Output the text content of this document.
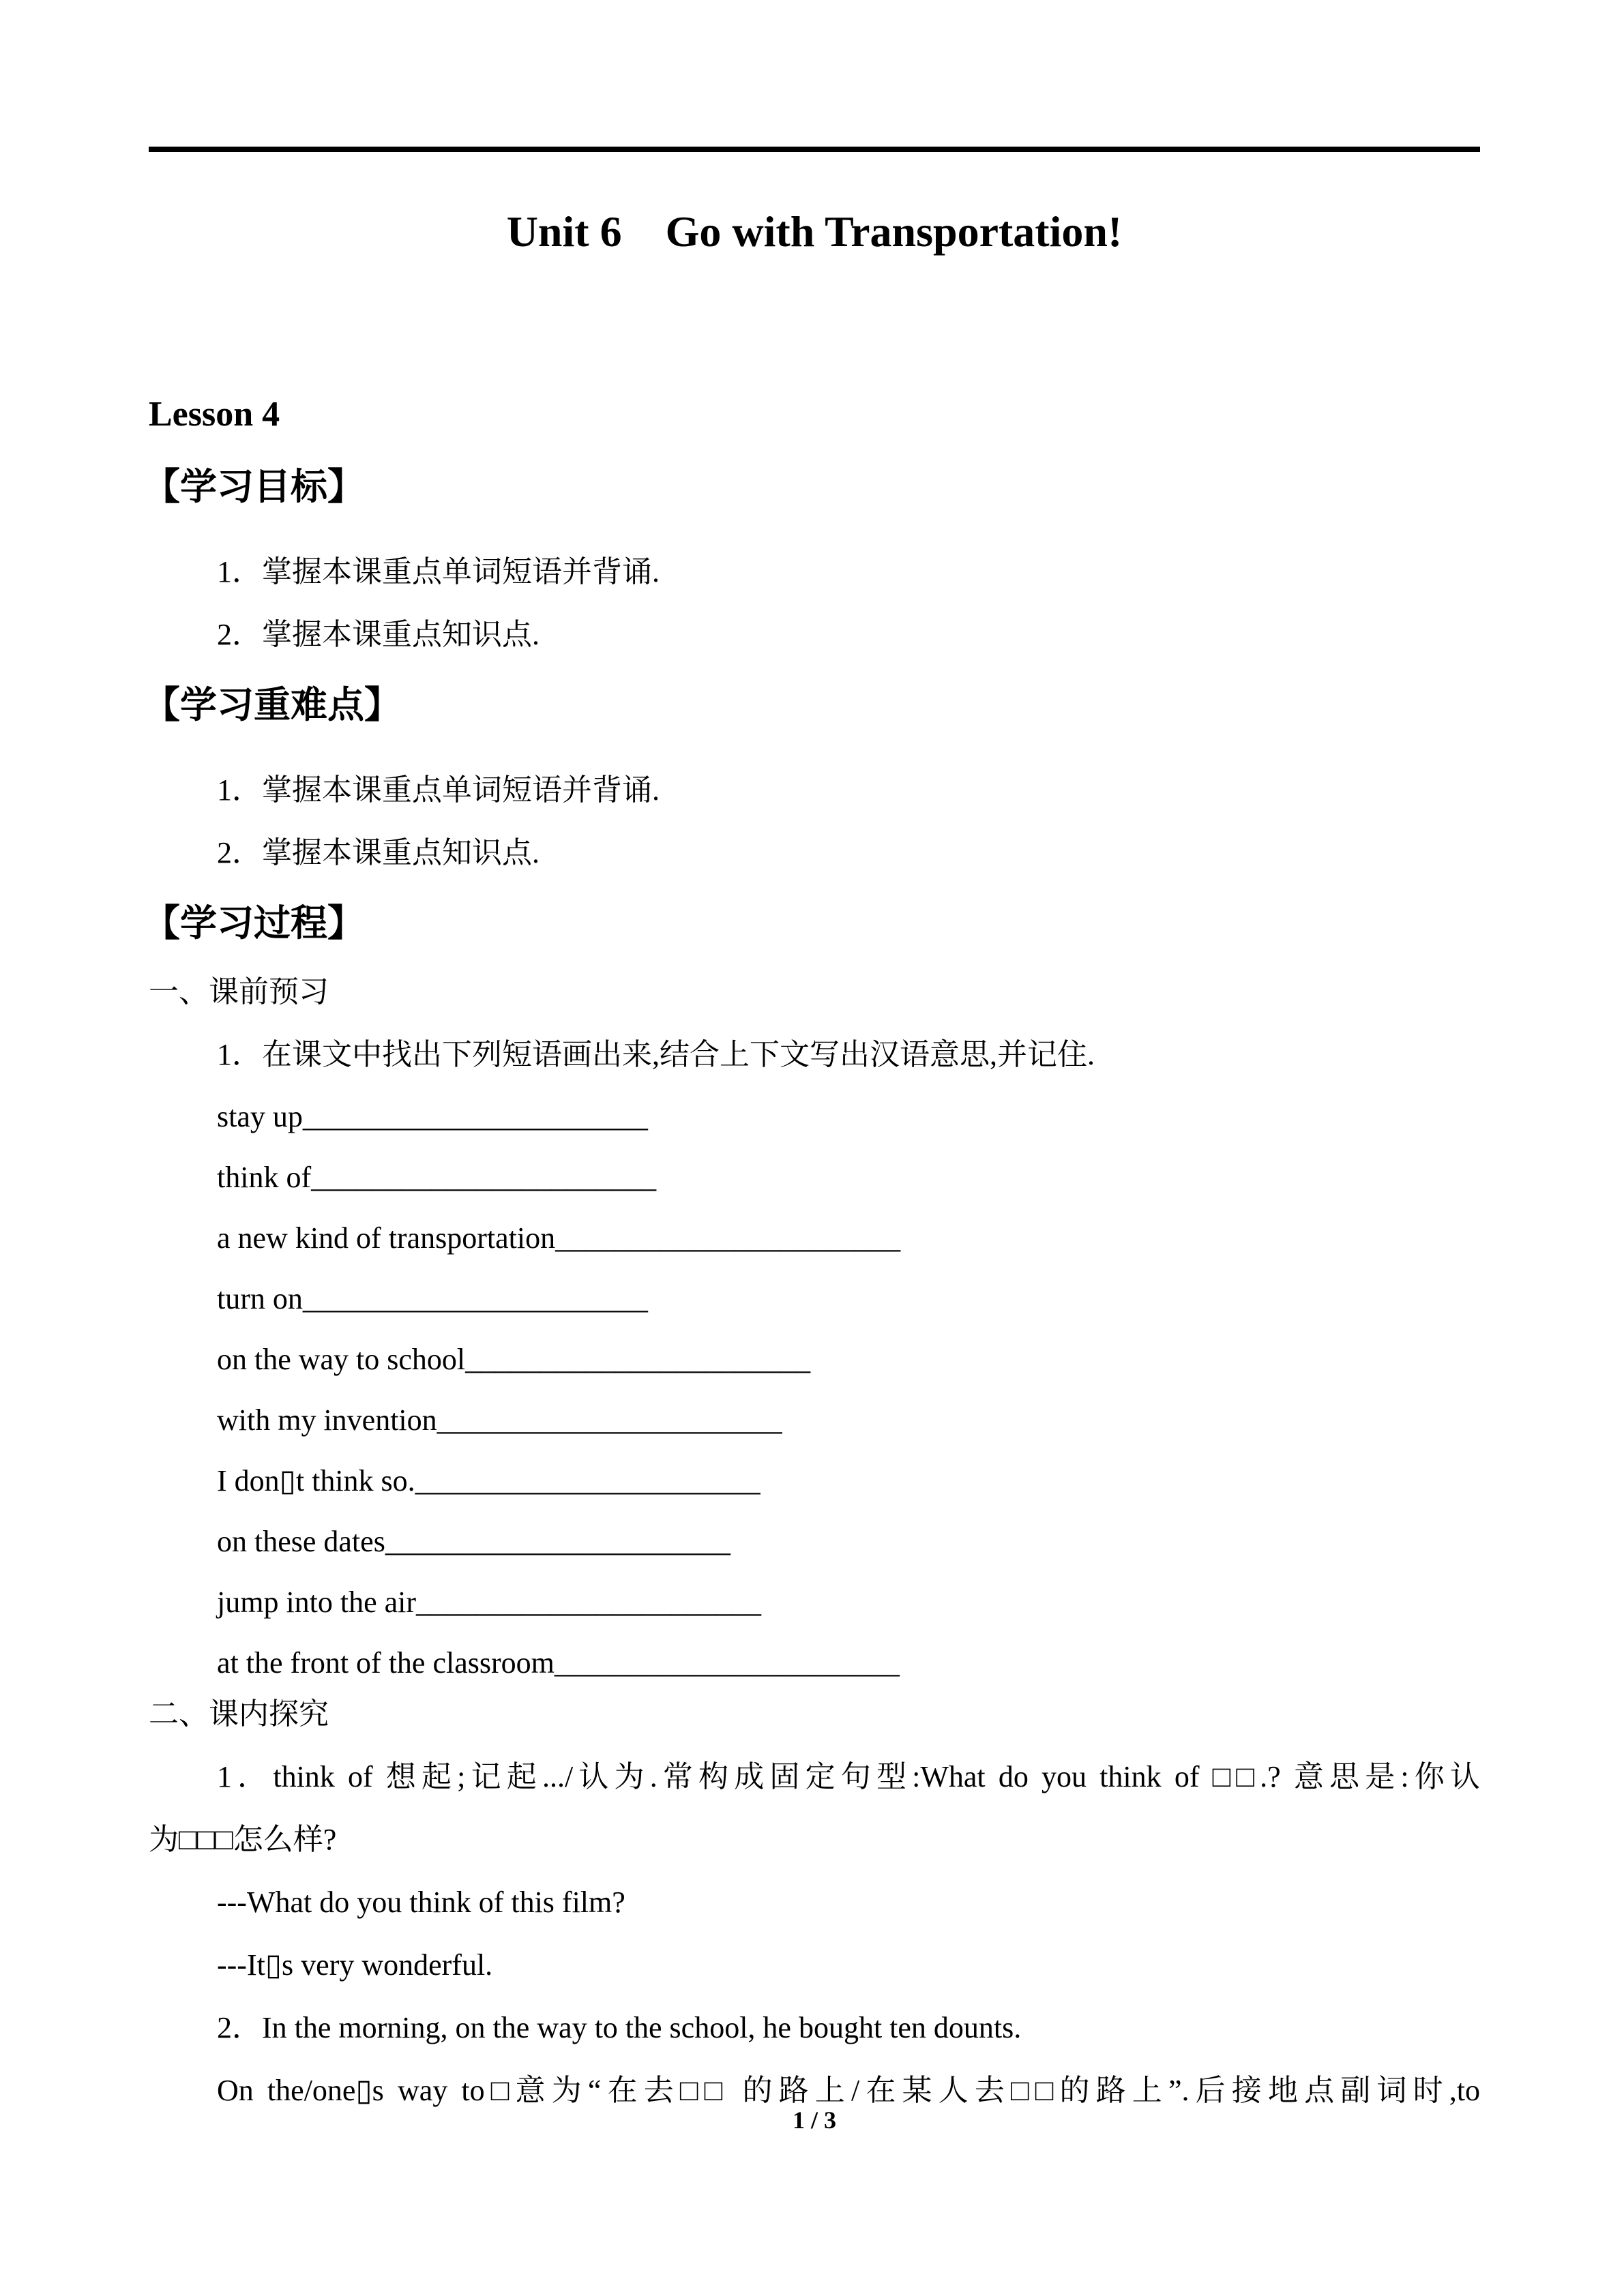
Unit 6　Go with Transportation!
Lesson 4
【学习目标】
1．掌握本课重点单词短语并背诵.
2．掌握本课重点知识点.
【学习重难点】
1．掌握本课重点单词短语并背诵.
2．掌握本课重点知识点.
【学习过程】
一、课前预习
1．在课文中找出下列短语画出来,结合上下文写出汉语意思,并记住.
stay up_______________________
think of_______________________
a new kind of transportation_______________________
turn on_______________________
on the way to school_______________________
with my invention_______________________
I don▯t think so._______________________
on these dates_______________________
jump into the air_______________________
at the front of the classroom_______________________
二、课内探究
1．think of 想起;记起.../认为.常构成固定句型:What do you think of □□.? 意思是:你认
为□□□怎么样?
---What do you think of this film?
---It▯s very wonderful.
2．In the morning, on the way to the school, he bought ten dounts.
On the/one▯s way to□意为“在去□□ 的路上/在某人去□□的路上”.后接地点副词时,to
1 / 3
